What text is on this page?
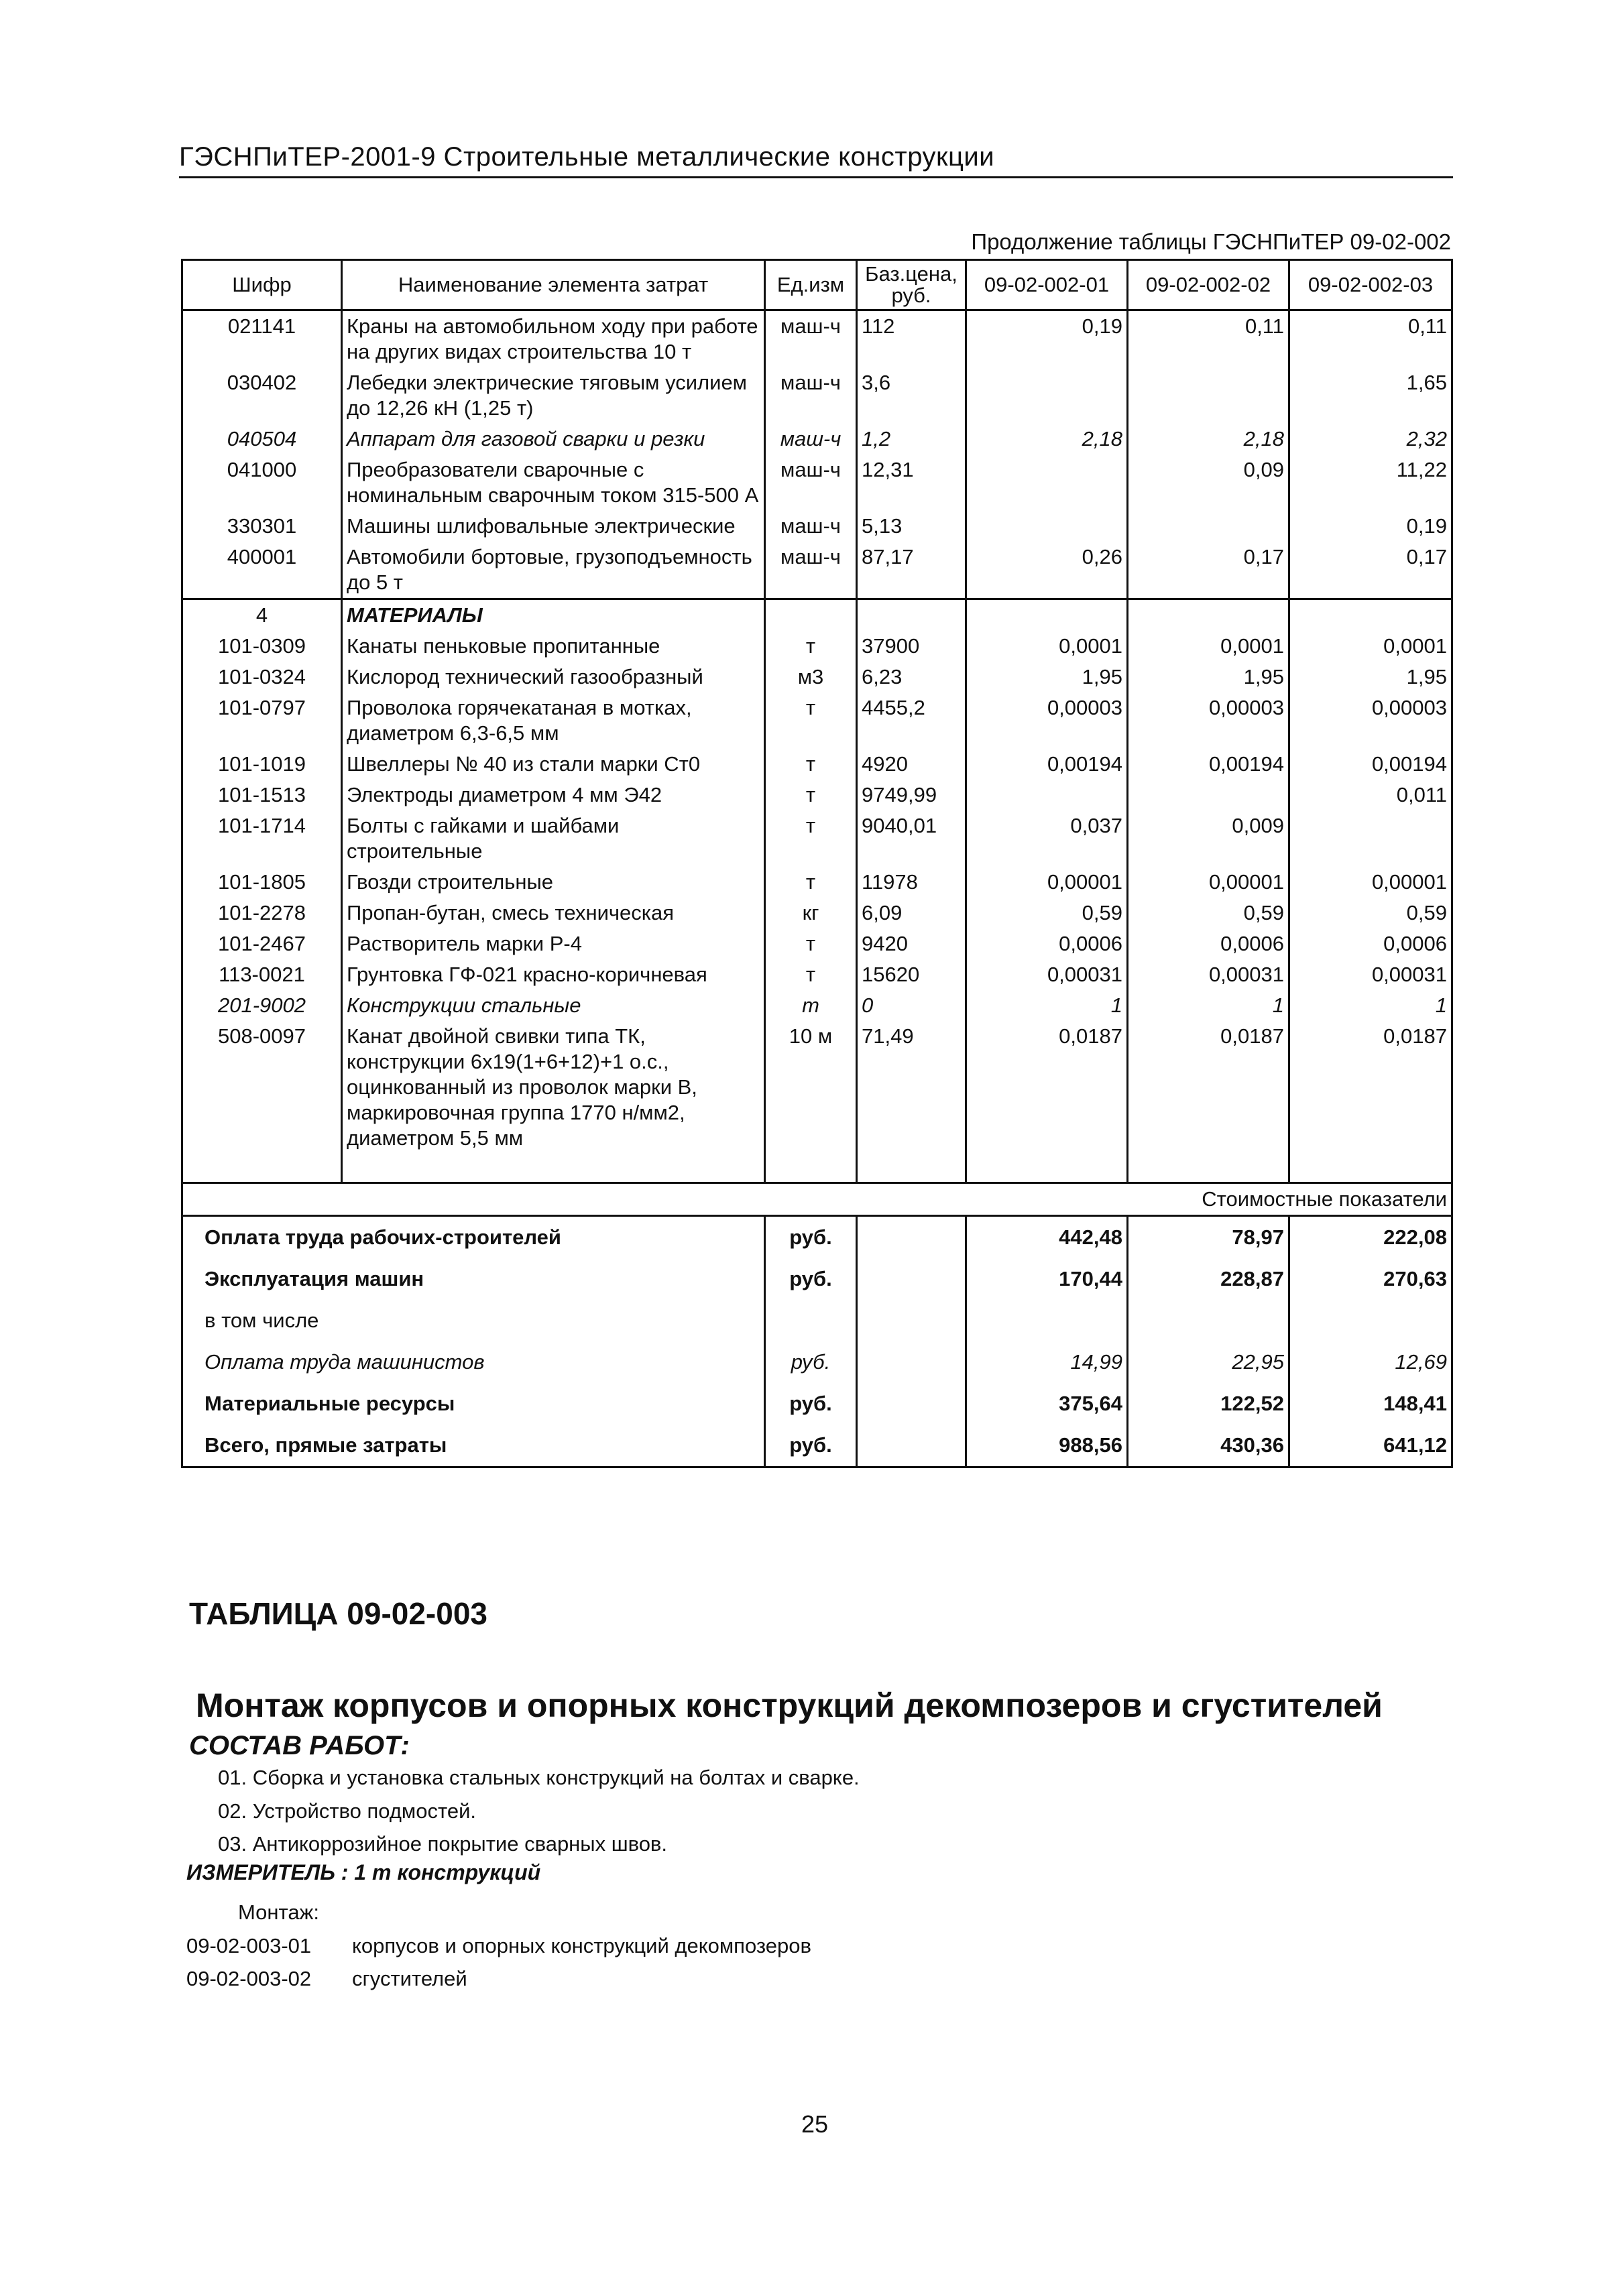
ГЭСНПиТЕР-2001-9 Строительные металлические конструкции
Продолжение таблицы ГЭСНПиТЕР 09-02-002
Шифр	Наименование элемента затрат	Ед.изм	Баз.цена, руб.	09-02-002-01	09-02-002-02	09-02-002-03
021141	Краны на автомобильном ходу при работе на других видах строительства 10 т	маш-ч	112	0,19	0,11	0,11
030402	Лебедки электрические тяговым усилием до 12,26 кН (1,25 т)	маш-ч	3,6			1,65
040504	Аппарат для газовой сварки и резки	маш-ч	1,2	2,18	2,18	2,32
041000	Преобразователи сварочные с номинальным сварочным током 315-500 А	маш-ч	12,31		0,09	11,22
330301	Машины шлифовальные электрические	маш-ч	5,13			0,19
400001	Автомобили бортовые, грузоподъемность до 5 т	маш-ч	87,17	0,26	0,17	0,17
4	МАТЕРИАЛЫ					
101-0309	Канаты пеньковые пропитанные	т	37900	0,0001	0,0001	0,0001
101-0324	Кислород технический газообразный	м3	6,23	1,95	1,95	1,95
101-0797	Проволока горячекатаная в мотках, диаметром 6,3-6,5 мм	т	4455,2	0,00003	0,00003	0,00003
101-1019	Швеллеры № 40 из стали марки Ст0	т	4920	0,00194	0,00194	0,00194
101-1513	Электроды диаметром 4 мм Э42	т	9749,99			0,011
101-1714	Болты с гайками и шайбами строительные	т	9040,01	0,037	0,009	
101-1805	Гвозди строительные	т	11978	0,00001	0,00001	0,00001
101-2278	Пропан-бутан, смесь техническая	кг	6,09	0,59	0,59	0,59
101-2467	Растворитель марки Р-4	т	9420	0,0006	0,0006	0,0006
113-0021	Грунтовка ГФ-021 красно-коричневая	т	15620	0,00031	0,00031	0,00031
201-9002	Конструкции стальные	т	0	1	1	1
508-0097	Канат двойной свивки типа ТК, конструкции 6х19(1+6+12)+1 о.с., оцинкованный из проволок марки В, маркировочная группа 1770 н/мм2, диаметром 5,5 мм	10 м	71,49	0,0187	0,0187	0,0187

Стоимостные показатели						
Оплата труда рабочих-строителей		руб.		442,48	78,97	222,08
Эксплуатация машин		руб.		170,44	228,87	270,63
в том числе						
Оплата труда машинистов		руб.		14,99	22,95	12,69
Материальные ресурсы		руб.		375,64	122,52	148,41
Всего, прямые затраты		руб.		988,56	430,36	641,12
ТАБЛИЦА 09-02-003
Монтаж корпусов и опорных конструкций декомпозеров и сгустителей
СОСТАВ РАБОТ:
01. Сборка и установка стальных конструкций на болтах и сварке.
02. Устройство подмостей.
03. Антикоррозийное покрытие сварных швов.
ИЗМЕРИТЕЛЬ : 1 т конструкций
Монтаж:
09-02-003-01 корпусов и опорных конструкций декомпозеров
09-02-003-02 сгустителей
25
